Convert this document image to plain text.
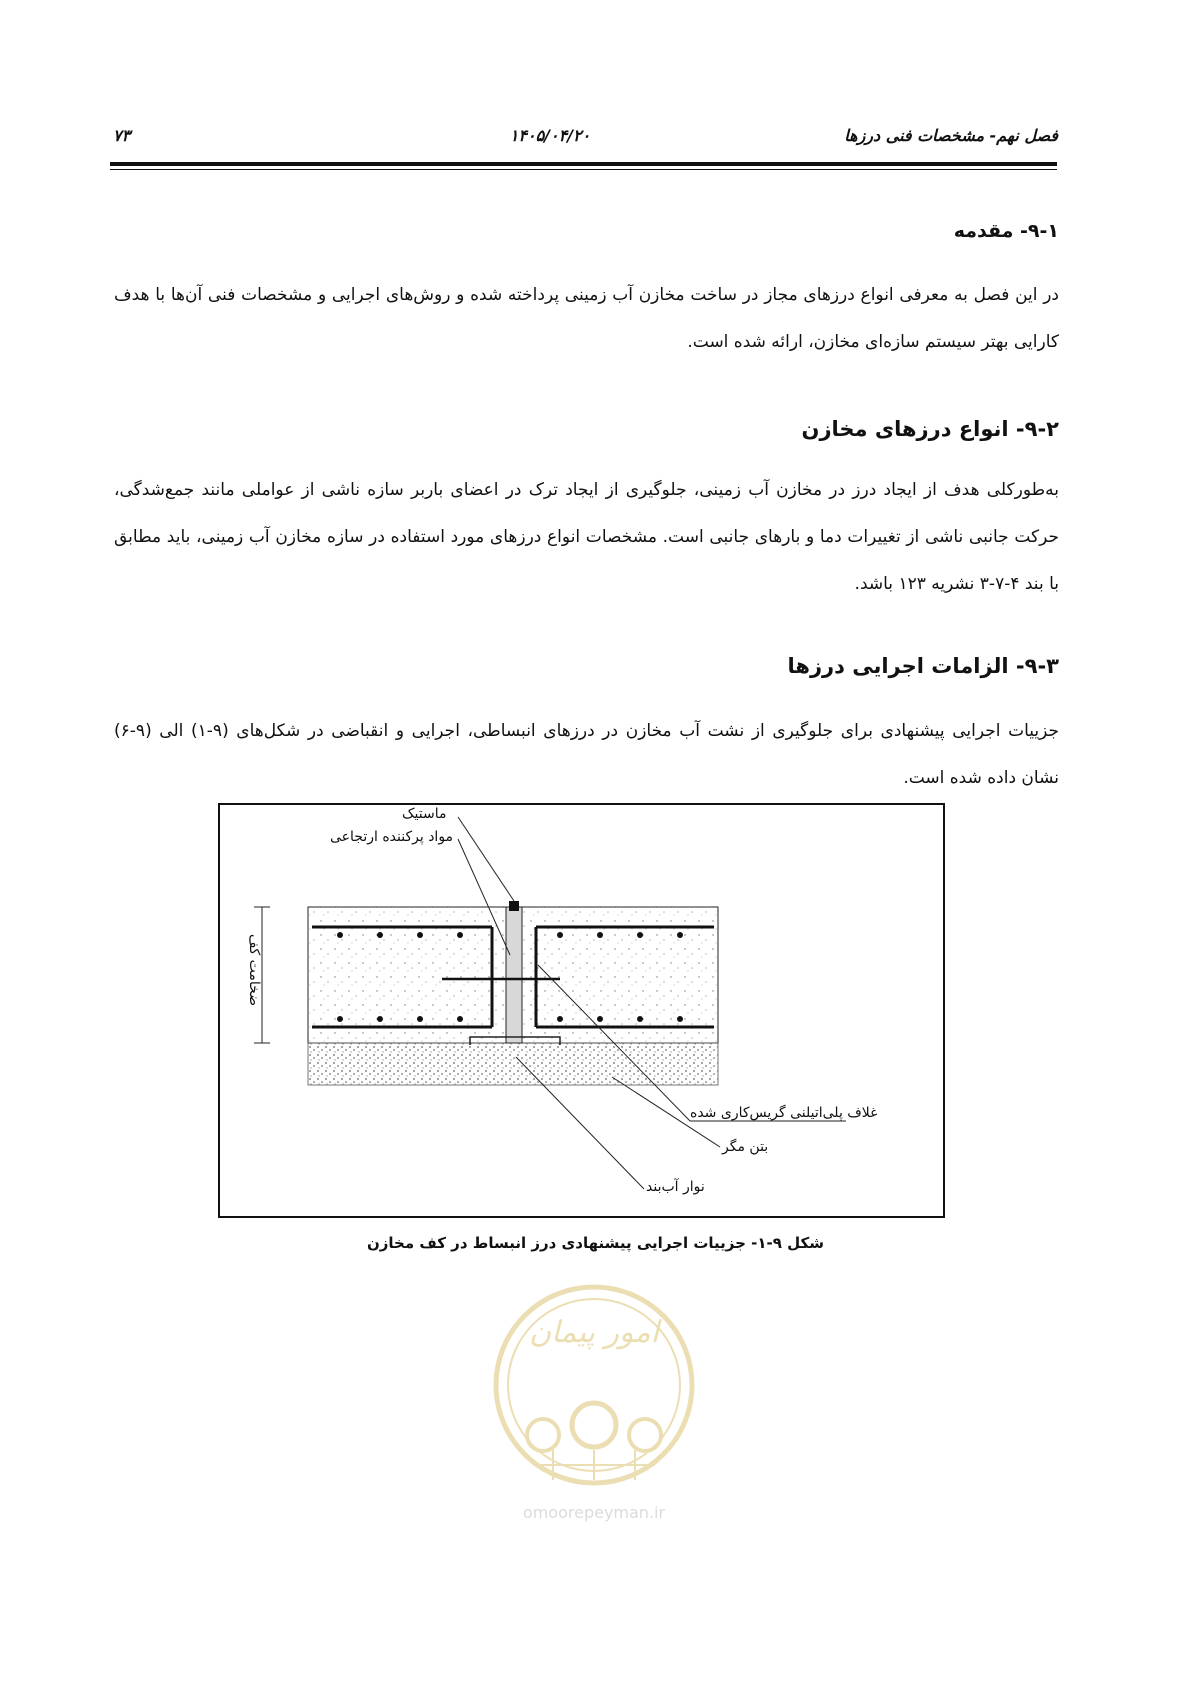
۷۳	۱۴۰۵/۰۴/۲۰	فصل نهم- مشخصات فنی درزها
۹-۱- مقدمه

در این فصل به معرفی انواع درزهای مجاز در ساخت مخازن آب زمینی پرداخته شده و روش‌های اجرایی و مشخصات فنی آن‌ها با هدف کارایی بهتر سیستم سازه‌ای مخازن، ارائه شده است.

۹-۲- انواع درزهای مخازن

به‌طورکلی هدف از ایجاد درز در مخازن آب زمینی، جلوگیری از ایجاد ترک در اعضای باربر سازه ناشی از عواملی مانند جمع‌شدگی، حرکت جانبی ناشی از تغییرات دما و بارهای جانبی است. مشخصات انواع درزهای مورد استفاده در سازه مخازن آب زمینی، باید مطابق با بند ۴-۷-۳ نشریه ۱۲۳ باشد.

۹-۳- الزامات اجرایی درزها

جزییات اجرایی پیشنهادی برای جلوگیری از نشت آب مخازن در درزهای انبساطی، اجرایی و انقباضی در شکل‌های (۹-۱) الی (۹-۶) نشان داده شده است.

ماستیک
مواد پرکننده ارتجاعی
ضخامت کف
غلاف پلی‌اتیلنی گریس‌کاری شده
بتن مگر
نوار آب‌بند
شکل ۹-۱- جزییات اجرایی پیشنهادی درز انبساط در کف مخازن
امور پیمان
omoorepeyman.ir
